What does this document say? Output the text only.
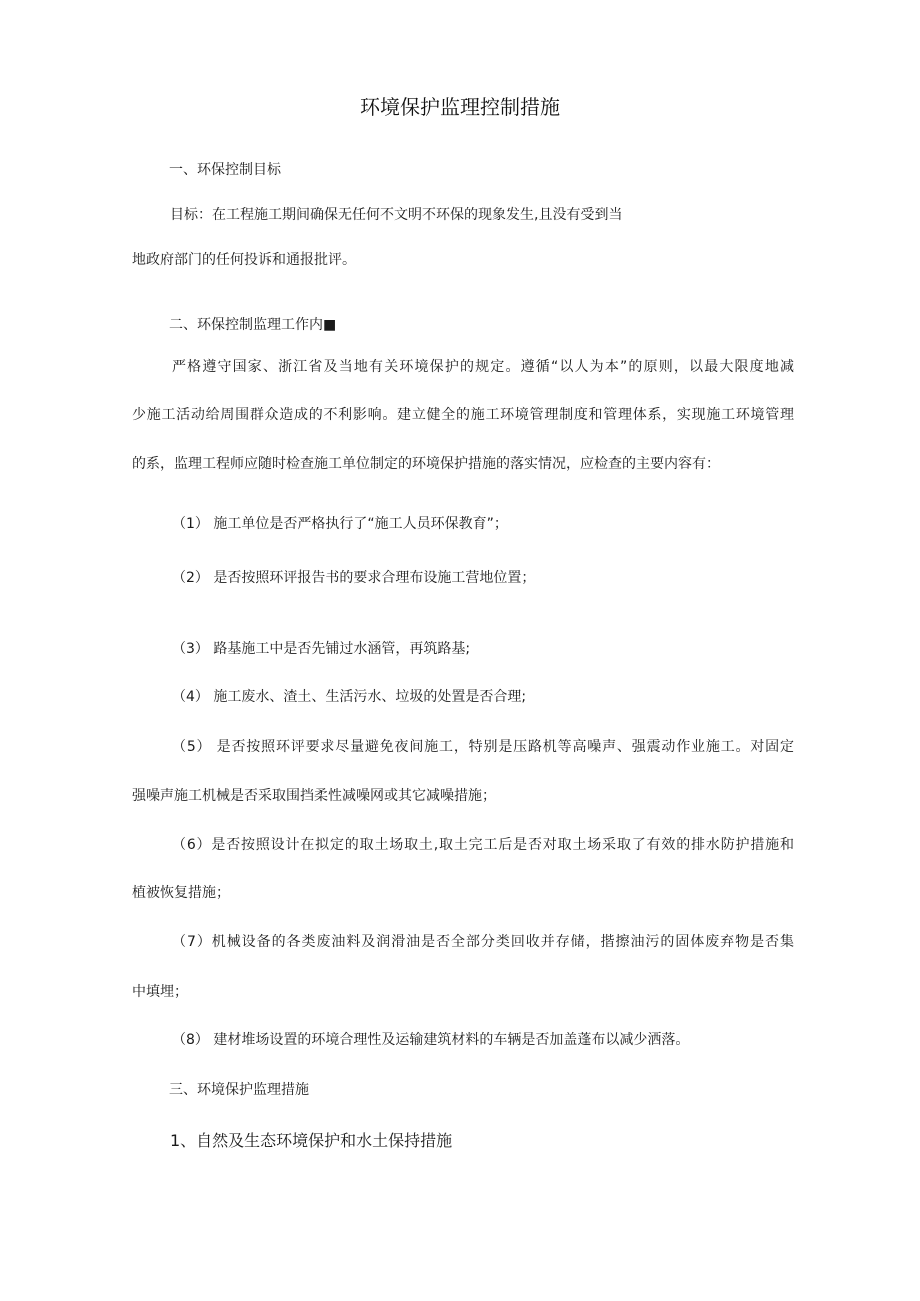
环境保护监理控制措施
一、环保控制目标
目标：在工程施工期间确保无任何不文明不环保的现象发生,且没有受到当
地政府部门的任何投诉和通报批评。
二、环保控制监理工作内■
严格遵守国家、浙江省及当地有关环境保护的规定。遵循“以人为本”的原则，以最大限度地减
少施工活动给周围群众造成的不利影响。建立健全的施工环境管理制度和管理体系，实现施工环境管理
的系，监理工程师应随时检查施工单位制定的环境保护措施的落实情况，应检查的主要内容有：
（1） 施工单位是否严格执行了“施工人员环保教育”；
（2） 是否按照环评报告书的要求合理布设施工营地位置；
（3） 路基施工中是否先铺过水涵管，再筑路基;
（4） 施工废水、渣土、生活污水、垃圾的处置是否合理;
（5） 是否按照环评要求尽量避免夜间施工，特别是压路机等高噪声、强震动作业施工。对固定
强噪声施工机械是否采取围挡柔性减噪网或其它减噪措施；
（6）是否按照设计在拟定的取土场取土,取土完工后是否对取土场采取了有效的排水防护措施和
植被恢复措施；
（7）机械设备的各类废油料及润滑油是否全部分类回收并存储，揩擦油污的固体废弃物是否集
中填埋；
（8） 建材堆场设置的环境合理性及运输建筑材料的车辆是否加盖蓬布以减少洒落。
三、环境保护监理措施
1、自然及生态环境保护和水土保持措施
